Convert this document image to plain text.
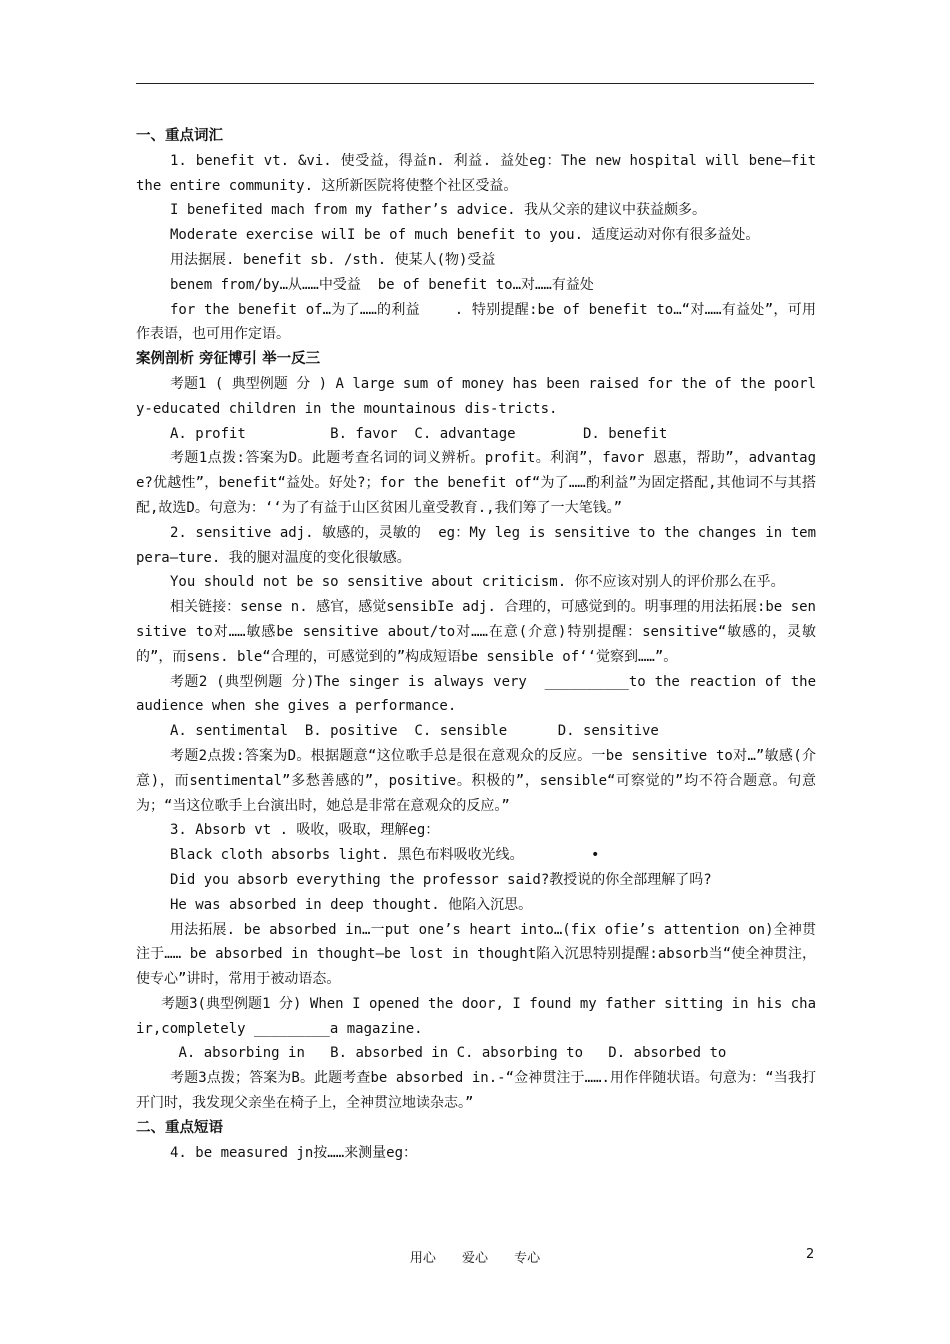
一、重点词汇

1. benefit vt. &vi. 使受益，得益n. 利益. 益处eg：The new hospital will bene—fit the entire community. 这所新医院将使整个社区受益。

I benefited mach from my father’s advice. 我从父亲的建议中获益颇多。

Moderate exercise wilI be of much benefit to you. 适度运动对你有很多益处。

用法据展. benefit sb. /sth. 使某人(物)受益

benem from/by…从……中受益  be of benefit to…对……有益处

for the benefit of…为了……的利益    . 特别提醒:be of benefit to…“对……有益处”，可用作表语，也可用作定语。

案例剖析 旁征博引 举一反三

考题1 ( 典型例题 分 ) A large sum of money has been raised for the of the poorly-educated children in the mountainous dis-tricts.

A. profit          B. favor  C. advantage        D. benefit

考题1点拨:答案为D。此题考查名词的词义辨析。profit。利润”，favor 恩惠，帮助”，advantage?优越性”，benefit“益处。好处?；for the benefit of“为了……酌利益”为固定搭配,其他词不与其搭配,故选D。句意为：‘‘为了有益于山区贫困儿童受教育.,我们筹了一大笔钱。”

2. sensitive adj. 敏感的，灵敏的  eg：My leg is sensitive to the changes in tempera—ture. 我的腿对温度的变化很敏感。

You should not be so sensitive about criticism. 你不应该对别人的评价那么在乎。

相关链接：sense n. 感官，感觉sensibIe adj. 合理的，可感觉到的。明事理的用法拓展:be sensitive to对……敏感be sensitive about/to对……在意(介意)特别提醒：sensitive“敏感的，灵敏的”，而sens. ble“合理的，可感觉到的”构成短语be sensible of‘‘觉察到……”。

考题2 (典型例题 分)The singer is always very  __________to the reaction of the audience when she gives a performance.

A. sentimental  B. positive  C. sensible      D. sensitive

考题2点拨:答案为D。根据题意“这位歌手总是很在意观众的反应。一be sensitive to对…”敏感(介意)，而sentimental”多愁善感的”，positive。积极的”，sensible“可察觉的”均不符合题意。句意为；“当这位歌手上台演出时，她总是非常在意观众的反应。”

3. Absorb vt . 吸收，吸取，理解eg：

Black cloth absorbs light. 黑色布料吸收光线。        •

Did you absorb everything the professor said?教授说的你全部理解了吗?

He was absorbed in deep thought. 他陷入沉思。

用法拓展. be absorbed in…一put one’s heart into…(fix ofie’s attention on)全神贯注于…… be absorbed in thought—be lost in thought陷入沉思特别提醒:absorb当“使全神贯注，使专心”讲时，常用于被动语态。

考题3(典型例题1 分) When I opened the door, I found my father sitting in his chair,completely _________a magazine.

A. absorbing in   B. absorbed in C. absorbing to   D. absorbed to

考题3点拨；答案为B。此题考查be absorbed in.-“佥神贯注于…….用作伴随状语。句意为：“当我打开门时，我发现父亲坐在椅子上，全神贯泣地读杂志。”

二、重点短语

4. be measured jn按……来测量eg：

用心 爱心 专心	2
